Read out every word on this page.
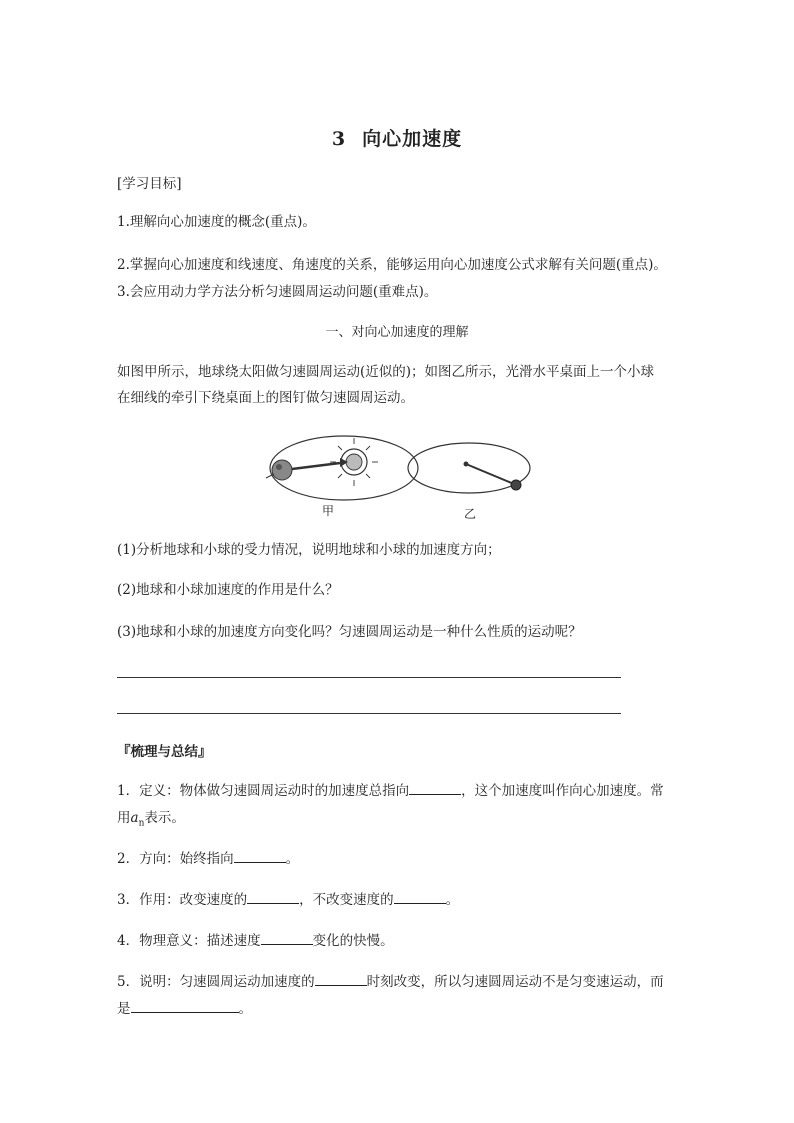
3 向心加速度
[学习目标]
1.理解向心加速度的概念(重点)。
2.掌握向心加速度和线速度、角速度的关系，能够运用向心加速度公式求解有关问题(重点)。
3.会应用动力学方法分析匀速圆周运动问题(重难点)。
一、对向心加速度的理解
如图甲所示，地球绕太阳做匀速圆周运动(近似的)；如图乙所示，光滑水平桌面上一个小球
在细线的牵引下绕桌面上的图钉做匀速圆周运动。
甲	乙
(1)分析地球和小球的受力情况，说明地球和小球的加速度方向；
(2)地球和小球加速度的作用是什么？
(3)地球和小球的加速度方向变化吗？匀速圆周运动是一种什么性质的运动呢？
『梳理与总结』
1．定义：物体做匀速圆周运动时的加速度总指向	，这个加速度叫作向心加速度。常
用$a_n$表示。
2．方向：始终指向	。
3．作用：改变速度的	，不改变速度的	。
4．物理意义：描述速度	变化的快慢。
5．说明：匀速圆周运动加速度的	时刻改变，所以匀速圆周运动不是匀变速运动，而
是	。
